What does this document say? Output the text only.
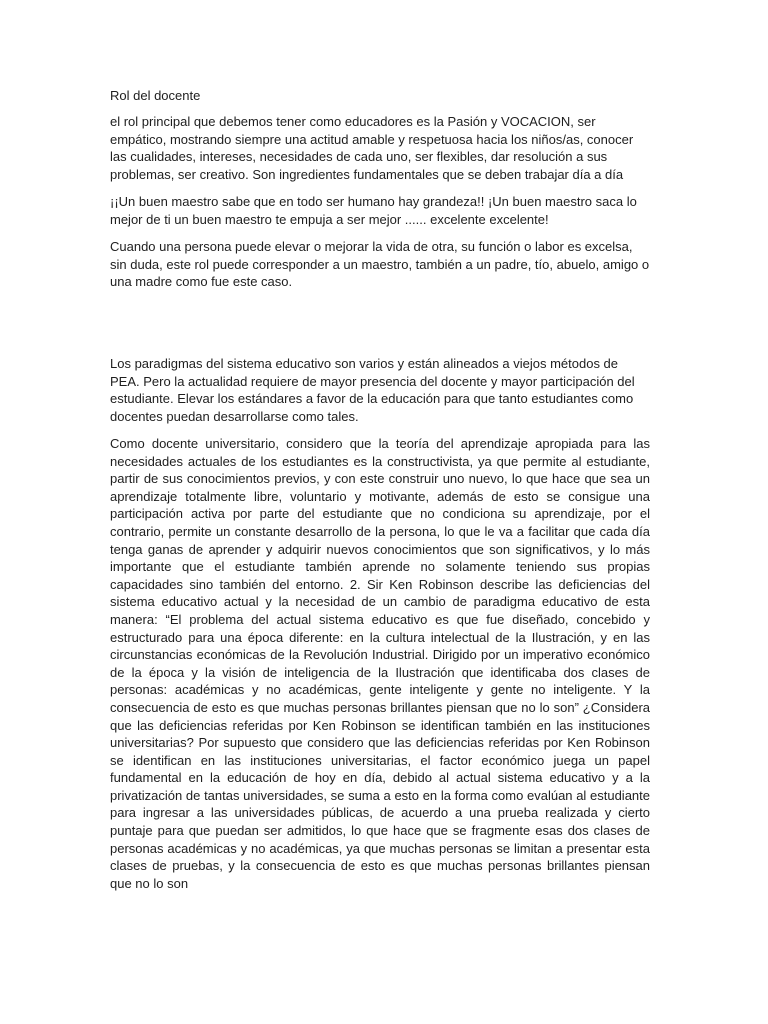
Rol del docente

el rol principal que debemos tener como educadores es la Pasión y VOCACION, ser empático, mostrando siempre una actitud amable y respetuosa hacia los niños/as, conocer las cualidades, intereses, necesidades de cada uno, ser flexibles, dar resolución a sus problemas, ser creativo. Son ingredientes fundamentales que se deben trabajar día a día

¡¡Un buen maestro sabe que en todo ser humano hay grandeza!! ¡Un buen maestro saca lo mejor de ti un buen maestro te empuja a ser mejor ...... excelente excelente!

Cuando una persona puede elevar o mejorar la vida de otra, su función o labor es excelsa, sin duda, este rol puede corresponder a un maestro, también a un padre, tío, abuelo, amigo o una madre como fue este caso.

Los paradigmas del sistema educativo son varios y están alineados a viejos métodos de PEA. Pero la actualidad requiere de mayor presencia del docente y mayor participación del estudiante. Elevar los estándares a favor de la educación para que tanto estudiantes como docentes puedan desarrollarse como tales.

Como docente universitario, considero que la teoría del aprendizaje apropiada para las necesidades actuales de los estudiantes es la constructivista, ya que permite al estudiante, partir de sus conocimientos previos, y con este construir uno nuevo, lo que hace que sea un aprendizaje totalmente libre, voluntario y motivante, además de esto se consigue una participación activa por parte del estudiante que no condiciona su aprendizaje, por el contrario, permite un constante desarrollo de la persona, lo que le va a facilitar que cada día tenga ganas de aprender y adquirir nuevos conocimientos que son significativos, y lo más importante que el estudiante también aprende no solamente teniendo sus propias capacidades sino también del entorno. 2. Sir Ken Robinson describe las deficiencias del sistema educativo actual y la necesidad de un cambio de paradigma educativo de esta manera: “El problema del actual sistema educativo es que fue diseñado, concebido y estructurado para una época diferente: en la cultura intelectual de la Ilustración, y en las circunstancias económicas de la Revolución Industrial. Dirigido por un imperativo económico de la época y la visión de inteligencia de la Ilustración que identificaba dos clases de personas: académicas y no académicas, gente inteligente y gente no inteligente. Y la consecuencia de esto es que muchas personas brillantes piensan que no lo son” ¿Considera que las deficiencias referidas por Ken Robinson se identifican también en las instituciones universitarias? Por supuesto que considero que las deficiencias referidas por Ken Robinson se identifican en las instituciones universitarias, el factor económico juega un papel fundamental en la educación de hoy en día, debido al actual sistema educativo y a la privatización de tantas universidades, se suma a esto en la forma como evalúan al estudiante para ingresar a las universidades públicas, de acuerdo a una prueba realizada y cierto puntaje para que puedan ser admitidos, lo que hace que se fragmente esas dos clases de personas académicas y no académicas, ya que muchas personas se limitan a presentar esta clases de pruebas, y la consecuencia de esto es que muchas personas brillantes piensan que no lo son
